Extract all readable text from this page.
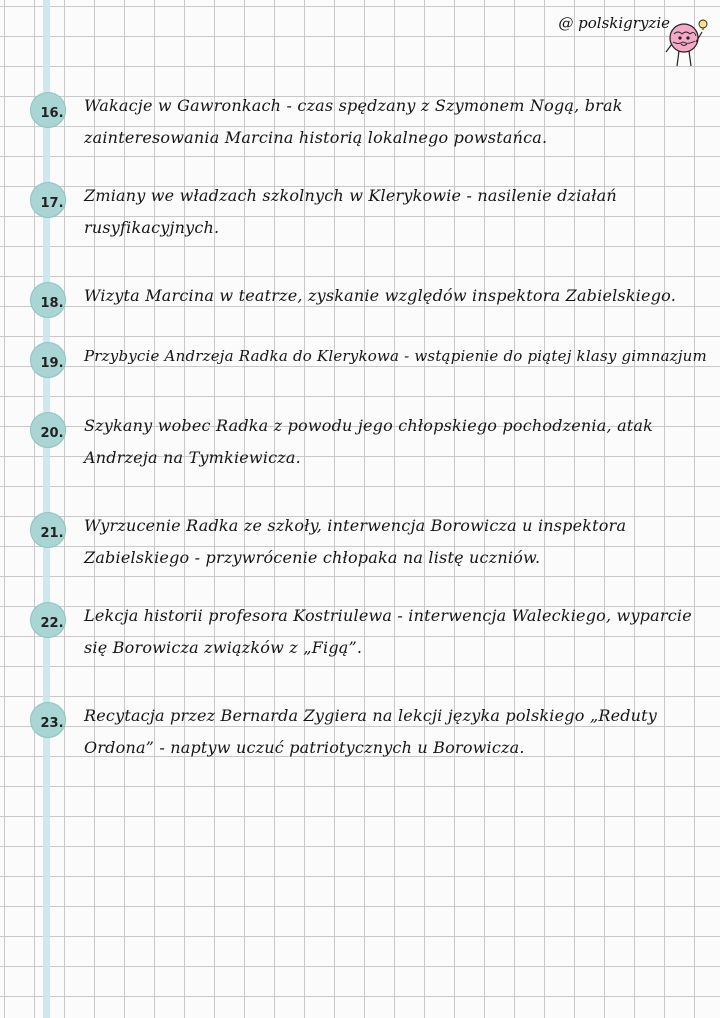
@ polskigryzie
16. Wakacje w Gawronkach - czas spędzany z Szymonem Nogą, brak zainteresowania Marcina historią lokalnego powstańca.
17. Zmiany we władzach szkolnych w Klerykowie - nasilenie działań rusyfikacyjnych.
18. Wizyta Marcina w teatrze, zyskanie względów inspektora Zabielskiego.
19. Przybycie Andrzeja Radka do Klerykowa - wstąpienie do piątej klasy gimnazjum
20. Szykany wobec Radka z powodu jego chłopskiego pochodzenia, atak Andrzeja na Tymkiewicza.
21. Wyrzucenie Radka ze szkoły, interwencja Borowicza u inspektora Zabielskiego - przywrócenie chłopaka na listę uczniów.
22. Lekcja historii profesora Kostriulewa - interwencja Waleckiego, wyparcie się Borowicza związków z „Figą”.
23. Recytacja przez Bernarda Zygiera na lekcji języka polskiego „Reduty Ordona” - naptyw uczuć patriotycznych u Borowicza.
